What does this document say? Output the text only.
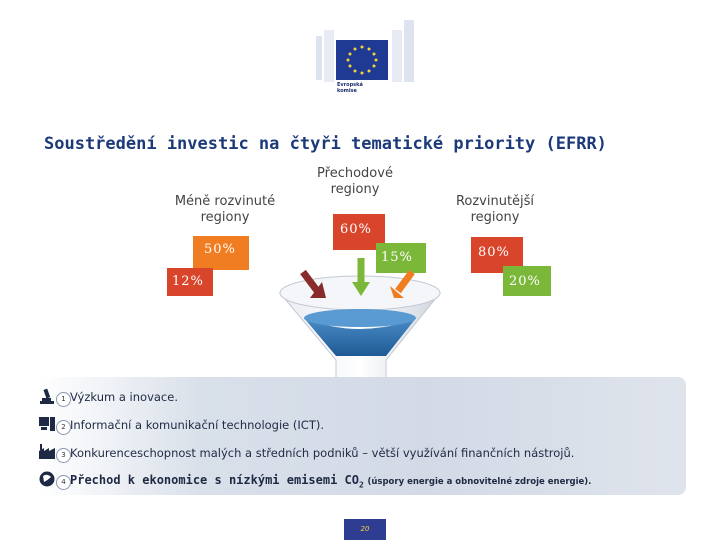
Evropská
komise
Soustředění investic na čtyři tematické priority (EFRR)
Méně rozvinuté
regiony
50%
12%
Přechodové
regiony
60%
15%
Rozvinutější
regiony
80%
20%
1 Výzkum a inovace.
2 Informační a komunikační technologie (ICT).
3 Konkurenceschopnost malých a středních podniků – větší využívání finančních nástrojů.
4 Přechod k ekonomice s nízkými emisemi $CO_2$ (úspory energie a obnovitelné zdroje energie).
20
